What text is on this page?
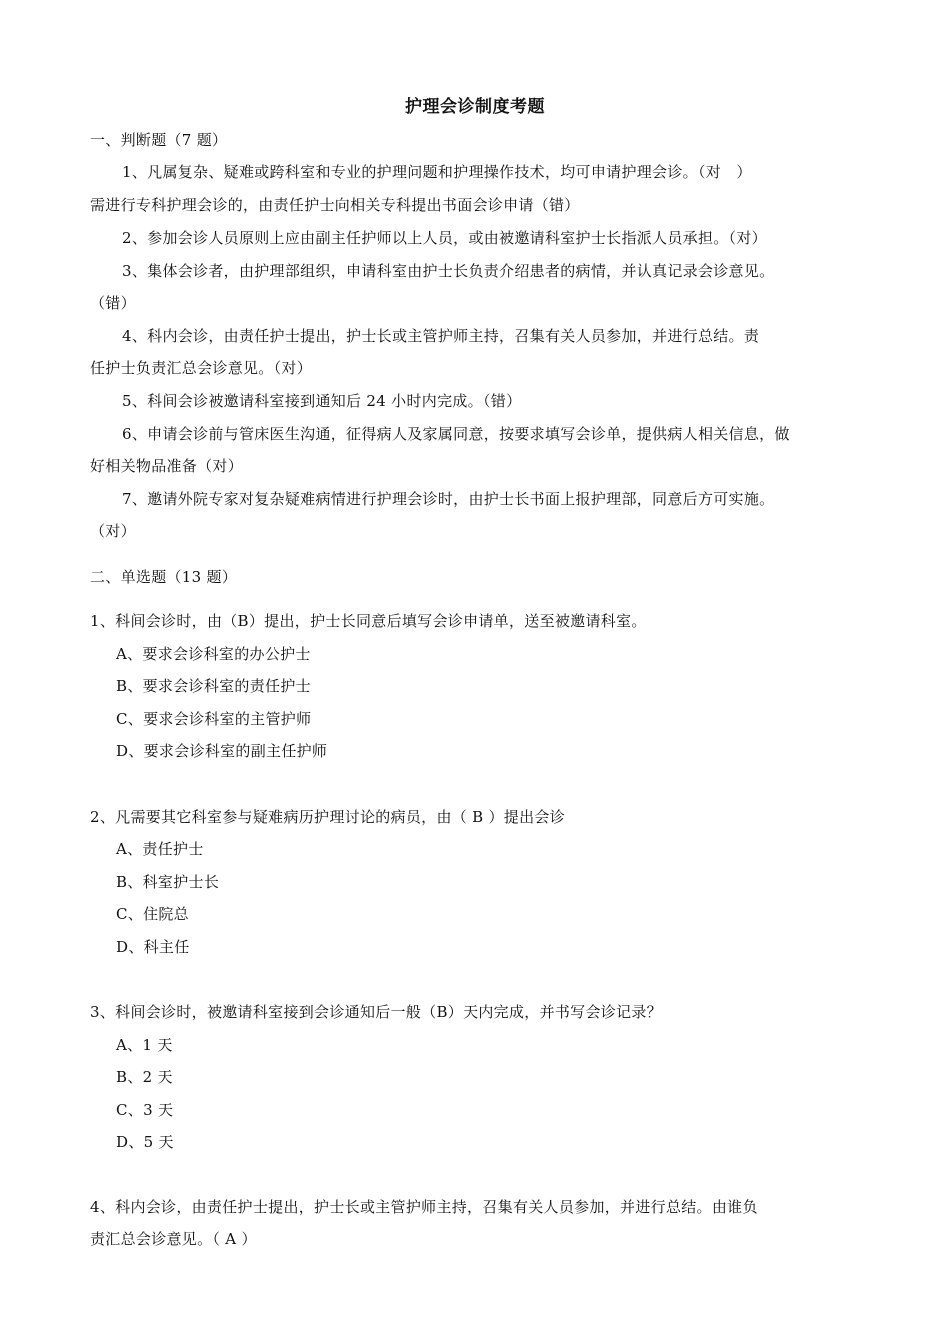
护理会诊制度考题
一、判断题（7 题）
1、凡属复杂、疑难或跨科室和专业的护理问题和护理操作技术，均可申请护理会诊。（对　）
需进行专科护理会诊的，由责任护士向相关专科提出书面会诊申请（错）
2、参加会诊人员原则上应由副主任护师以上人员，或由被邀请科室护士长指派人员承担。（对）
3、集体会诊者，由护理部组织，申请科室由护士长负责介绍患者的病情，并认真记录会诊意见。
（错）
4、科内会诊，由责任护士提出，护士长或主管护师主持，召集有关人员参加，并进行总结。责
任护士负责汇总会诊意见。（对）
5、科间会诊被邀请科室接到通知后 24 小时内完成。（错）
6、申请会诊前与管床医生沟通，征得病人及家属同意，按要求填写会诊单，提供病人相关信息，做
好相关物品准备（对）
7、邀请外院专家对复杂疑难病情进行护理会诊时，由护士长书面上报护理部，同意后方可实施。
（对）
二、单选题（13 题）
1、科间会诊时，由（B）提出，护士长同意后填写会诊申请单，送至被邀请科室。
A、要求会诊科室的办公护士
B、要求会诊科室的责任护士
C、要求会诊科室的主管护师
D、要求会诊科室的副主任护师
2、凡需要其它科室参与疑难病历护理讨论的病员，由（ B ）提出会诊
A、责任护士
B、科室护士长
C、住院总
D、科主任
3、科间会诊时，被邀请科室接到会诊通知后一般（B）天内完成，并书写会诊记录？
A、1 天
B、2 天
C、3 天
D、5 天
4、科内会诊，由责任护士提出，护士长或主管护师主持，召集有关人员参加，并进行总结。由谁负
责汇总会诊意见。（ A ）
